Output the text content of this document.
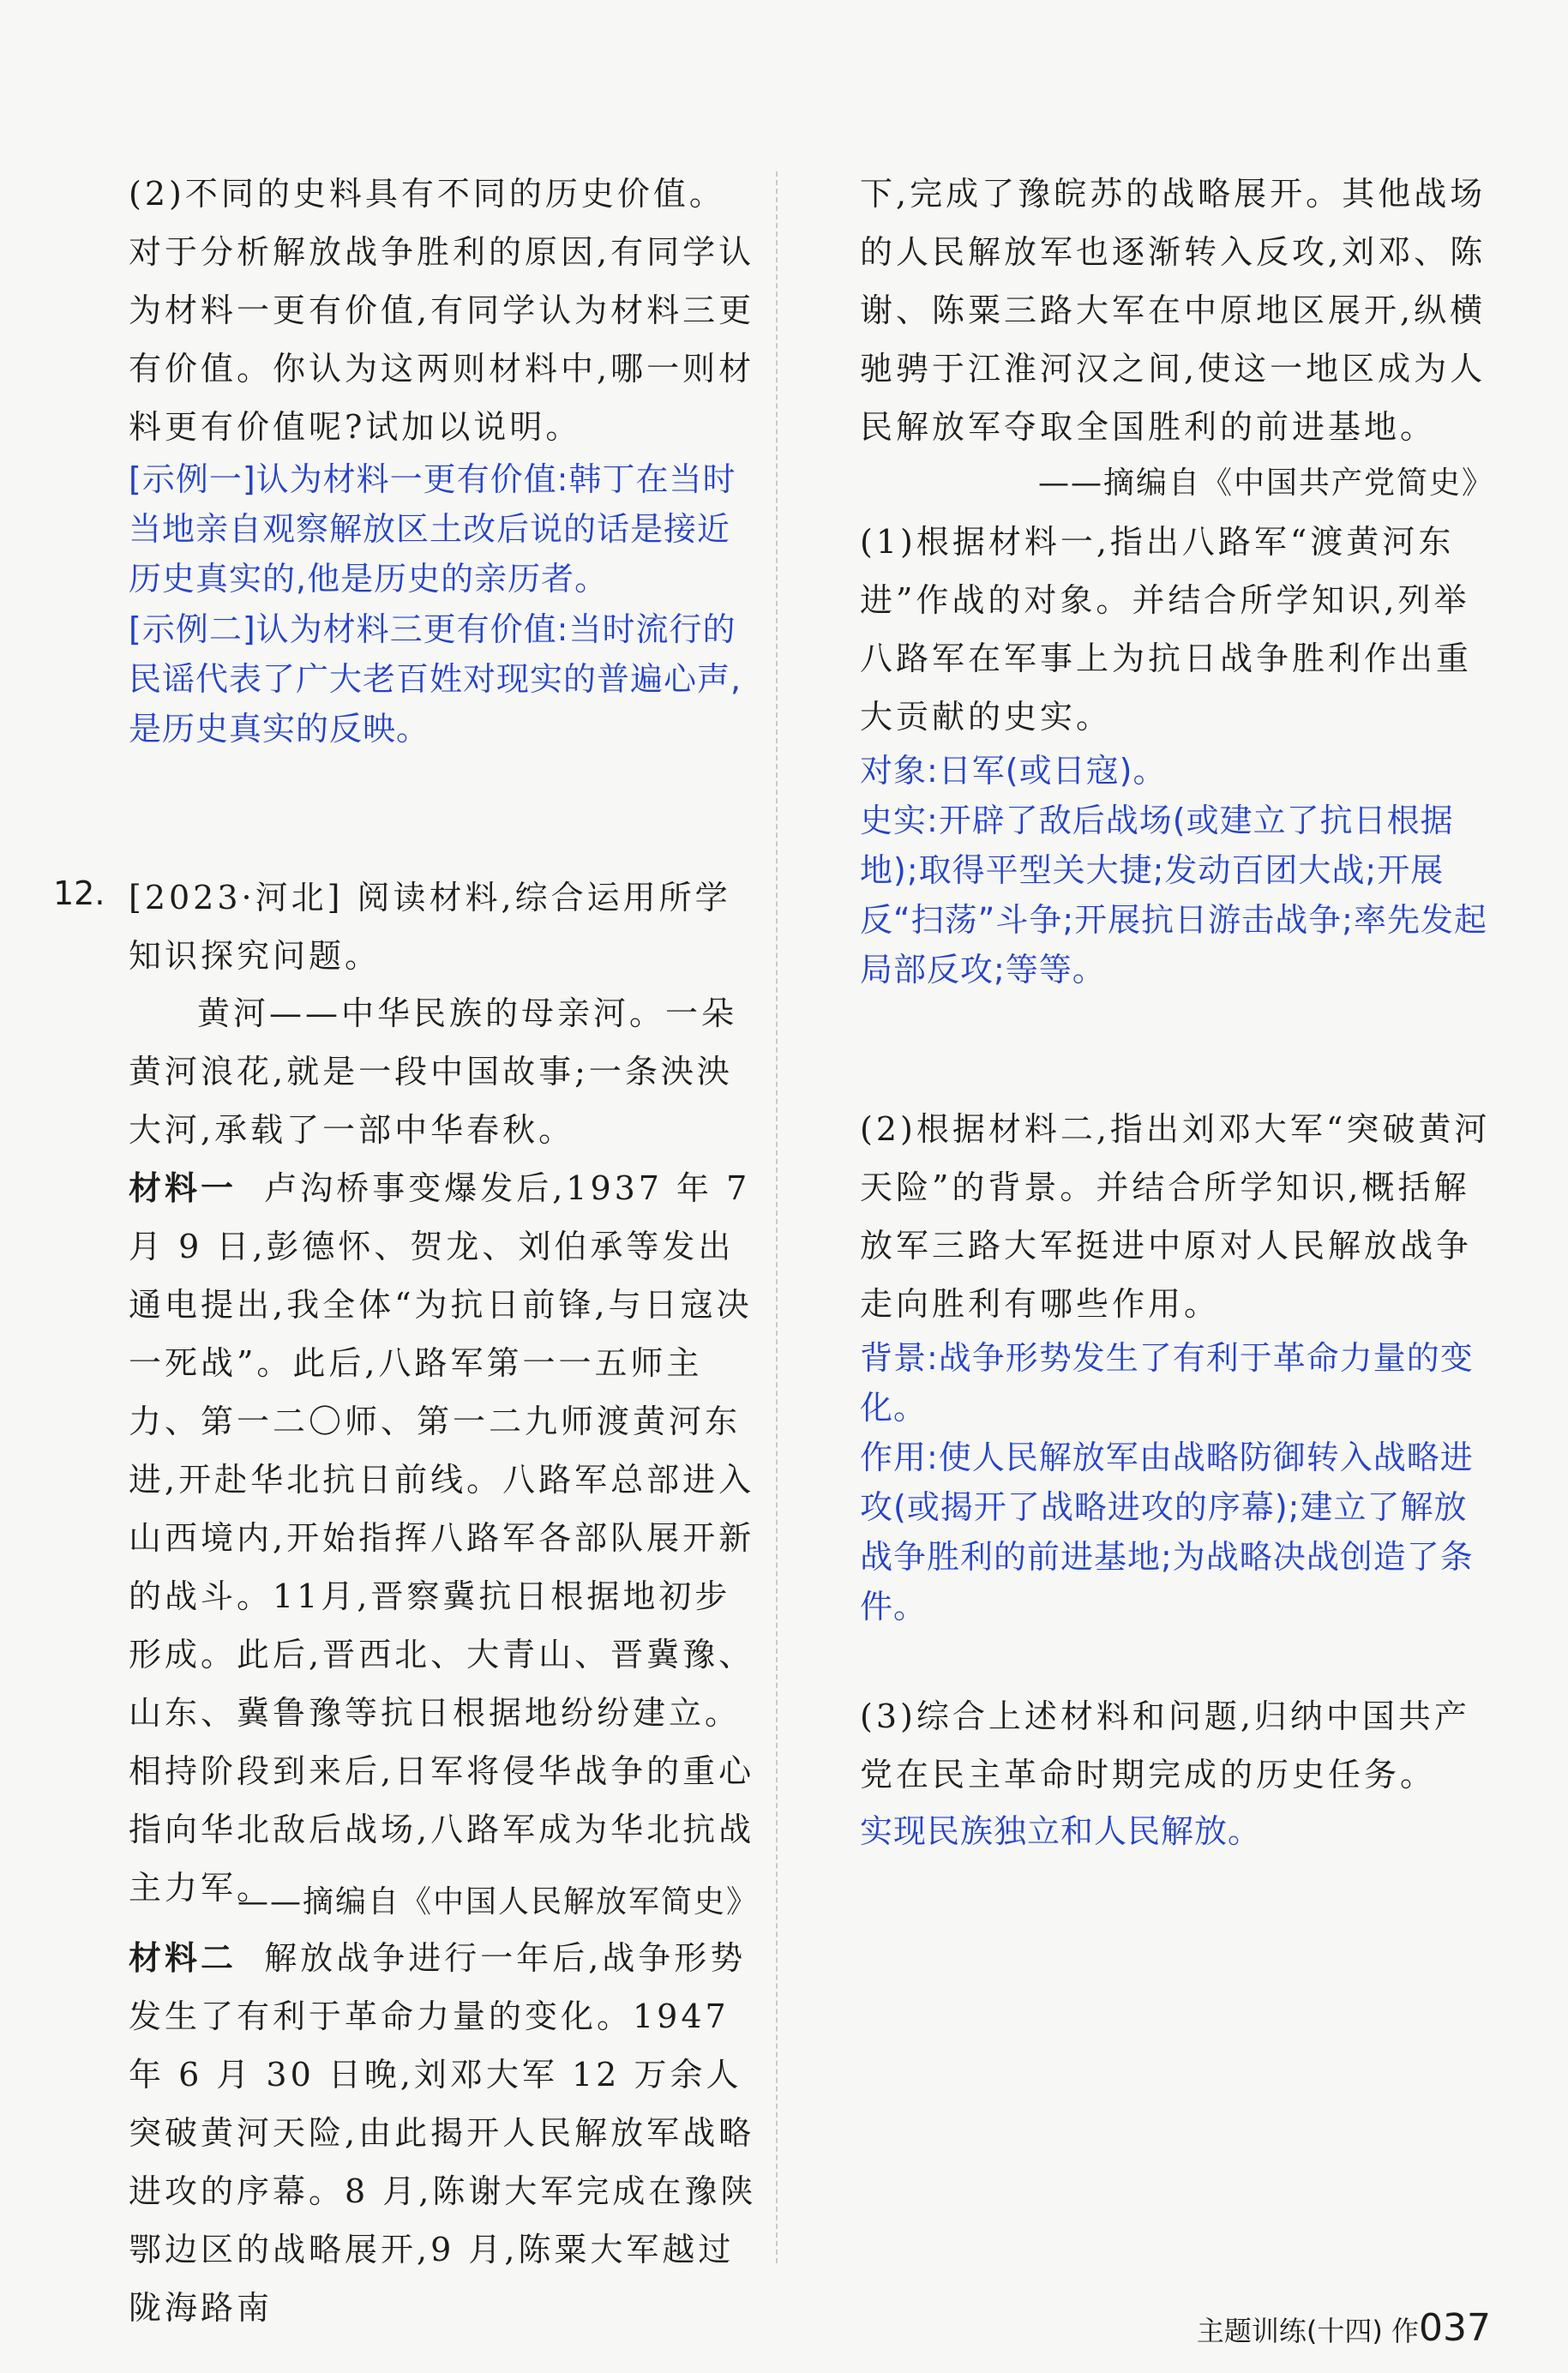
(2)不同的史料具有不同的历史价值。对于分析解放战争胜利的原因,有同学认为材料一更有价值,有同学认为材料三更有价值。你认为这两则材料中,哪一则材料更有价值呢?试加以说明。

[示例一]认为材料一更有价值:韩丁在当时当地亲自观察解放区土改后说的话是接近历史真实的,他是历史的亲历者。

[示例二]认为材料三更有价值:当时流行的民谣代表了广大老百姓对现实的普遍心声,是历史真实的反映。

[2023·河北] 阅读材料,综合运用所学知识探究问题。

黄河——中华民族的母亲河。一朵黄河浪花,就是一段中国故事;一条泱泱大河,承载了一部中华春秋。

材料一 卢沟桥事变爆发后,1937 年 7 月 9 日,彭德怀、贺龙、刘伯承等发出通电提出,我全体“为抗日前锋,与日寇决一死战”。此后,八路军第一一五师主力、第一二〇师、第一二九师渡黄河东进,开赴华北抗日前线。八路军总部进入山西境内,开始指挥八路军各部队展开新的战斗。11月,晋察冀抗日根据地初步形成。此后,晋西北、大青山、晋冀豫、山东、冀鲁豫等抗日根据地纷纷建立。相持阶段到来后,日军将侵华战争的重心指向华北敌后战场,八路军成为华北抗战主力军。

——摘编自《中国人民解放军简史》

材料二 解放战争进行一年后,战争形势发生了有利于革命力量的变化。1947 年 6 月 30 日晚,刘邓大军 12 万余人突破黄河天险,由此揭开人民解放军战略进攻的序幕。8 月,陈谢大军完成在豫陕鄂边区的战略展开,9 月,陈粟大军越过陇海路南

12.

下,完成了豫皖苏的战略展开。其他战场的人民解放军也逐渐转入反攻,刘邓、陈谢、陈粟三路大军在中原地区展开,纵横驰骋于江淮河汉之间,使这一地区成为人民解放军夺取全国胜利的前进基地。

——摘编自《中国共产党简史》

(1)根据材料一,指出八路军“渡黄河东进”作战的对象。并结合所学知识,列举八路军在军事上为抗日战争胜利作出重大贡献的史实。

对象:日军(或日寇)。
史实:开辟了敌后战场(或建立了抗日根据地);取得平型关大捷;发动百团大战;开展反“扫荡”斗争;开展抗日游击战争;率先发起局部反攻;等等。

(2)根据材料二,指出刘邓大军“突破黄河天险”的背景。并结合所学知识,概括解放军三路大军挺进中原对人民解放战争走向胜利有哪些作用。

背景:战争形势发生了有利于革命力量的变化。
作用:使人民解放军由战略防御转入战略进攻(或揭开了战略进攻的序幕);建立了解放战争胜利的前进基地;为战略决战创造了条件。

(3)综合上述材料和问题,归纳中国共产党在民主革命时期完成的历史任务。

实现民族独立和人民解放。

主题训练(十四) 作037
